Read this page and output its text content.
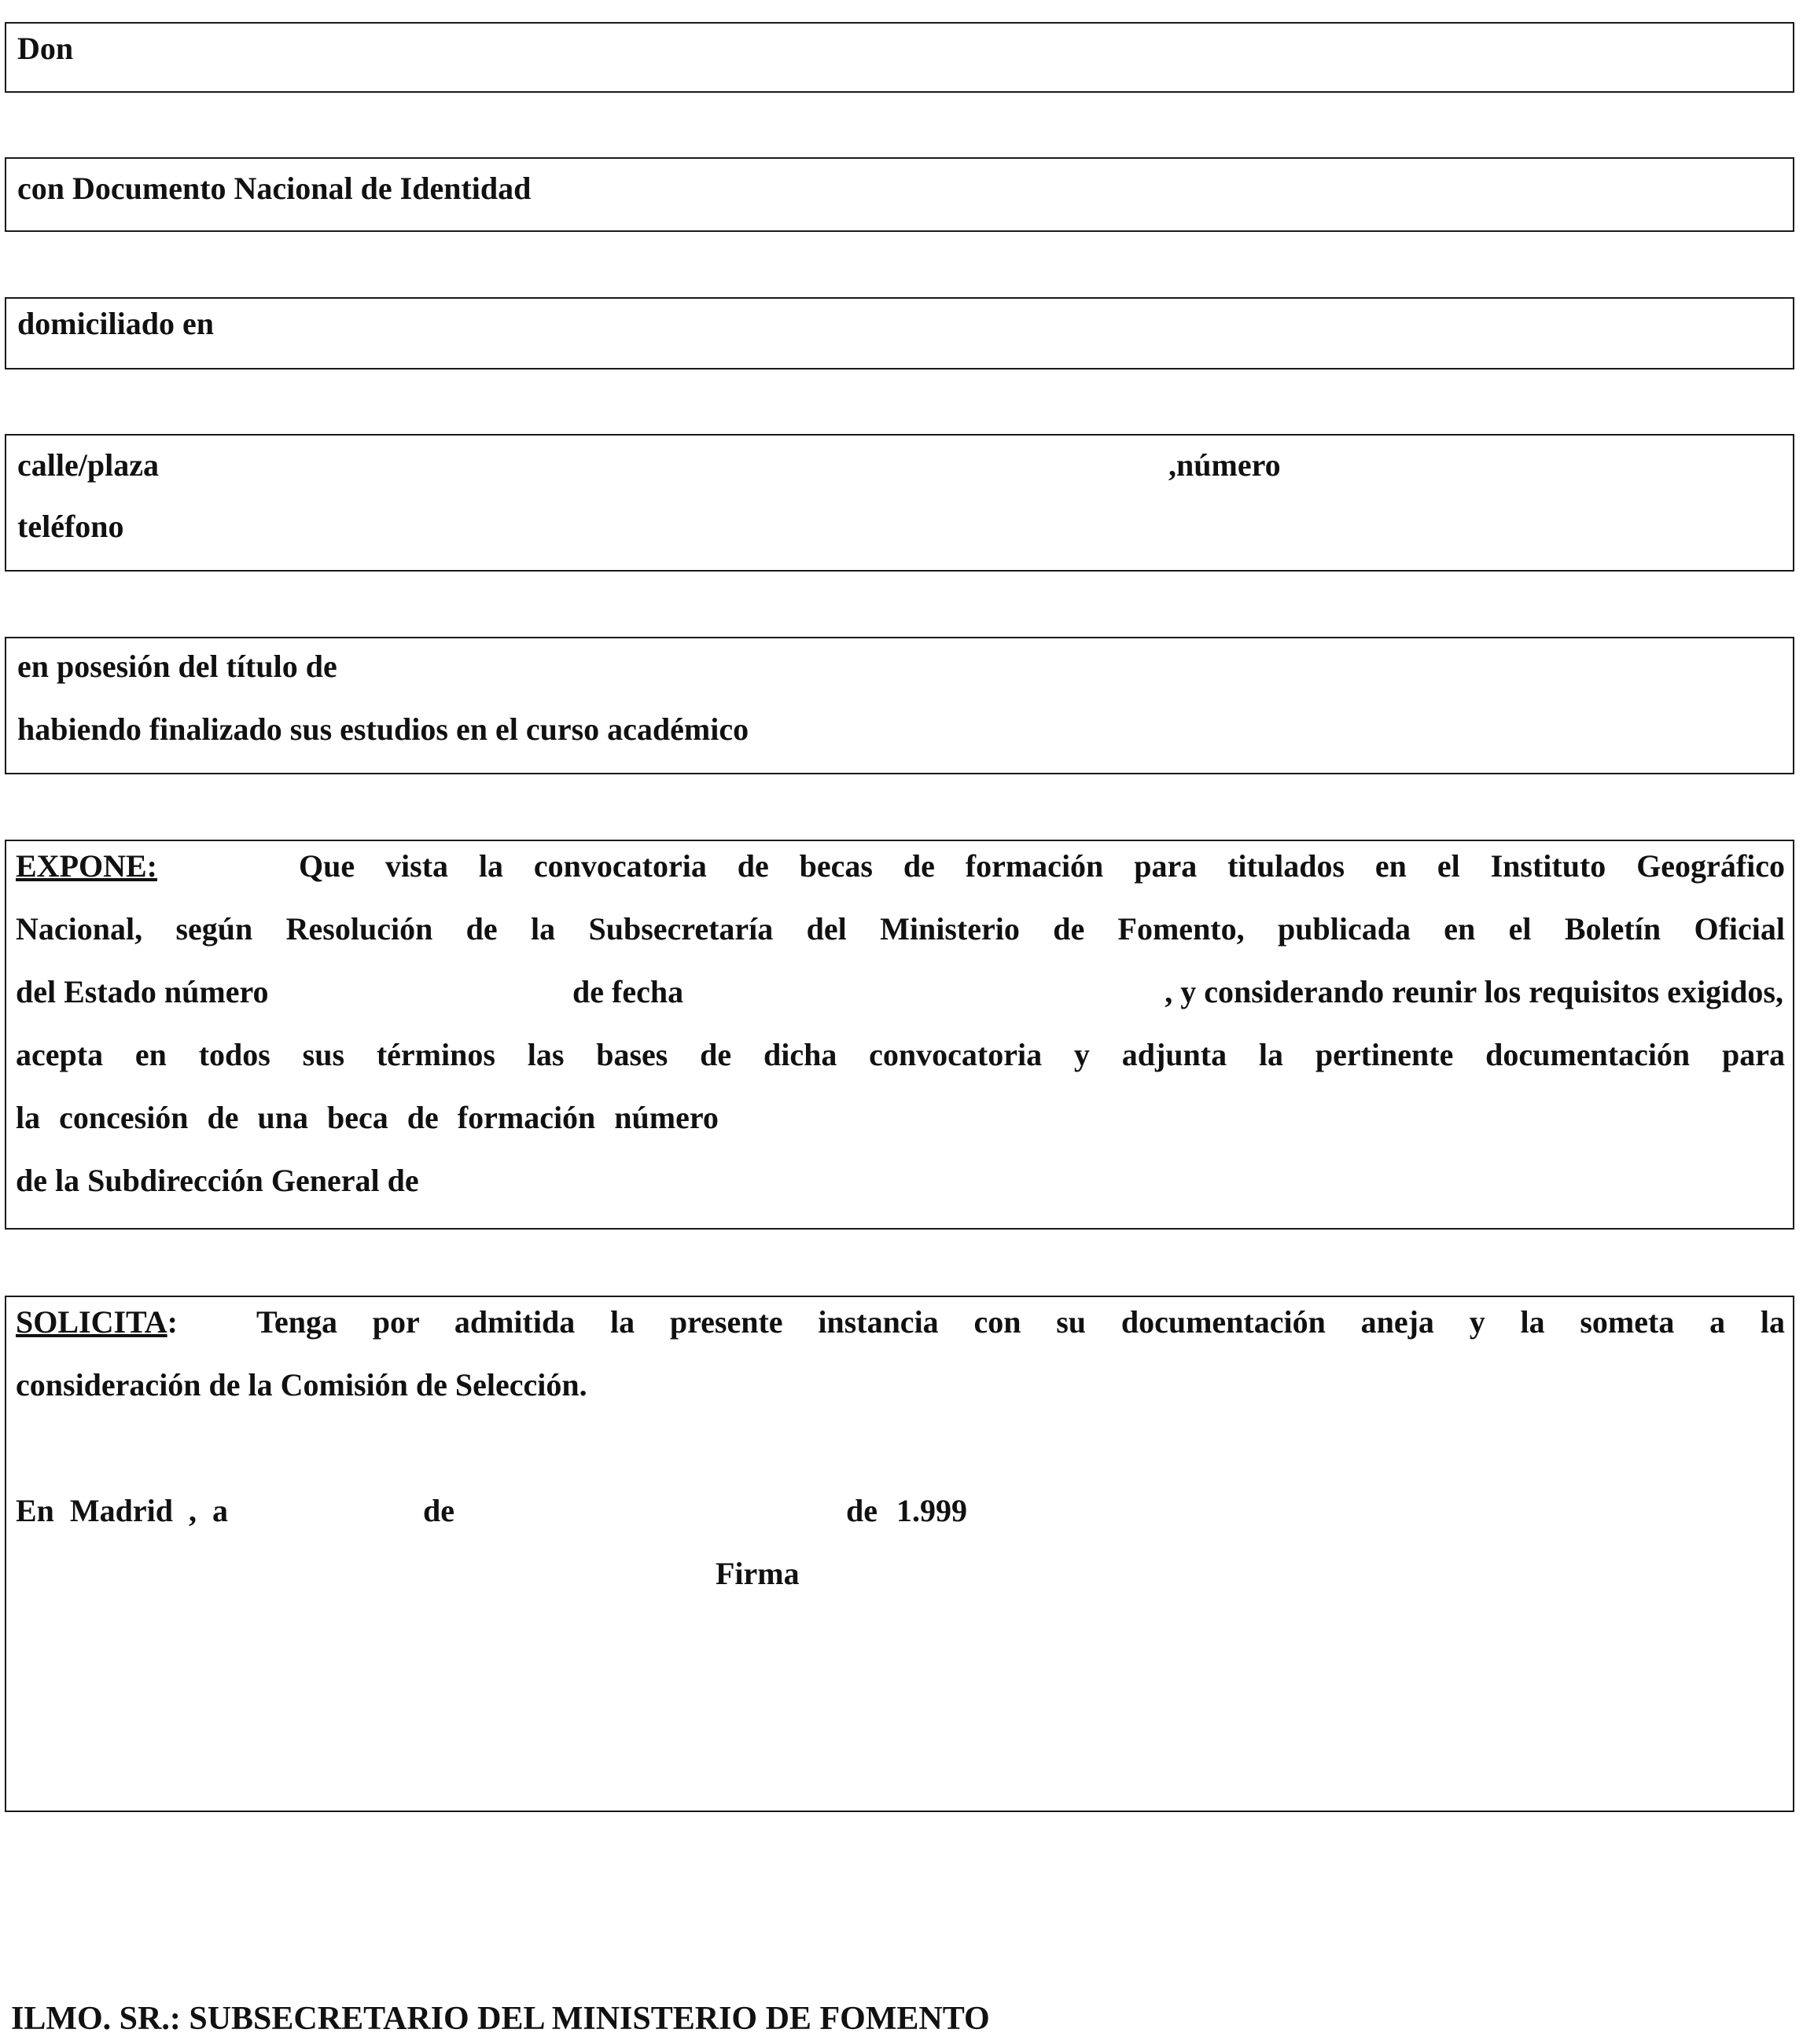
Don
con Documento Nacional de Identidad
domiciliado en
calle/plaza	,número
teléfono
en posesión del título de
habiendo finalizado sus estudios en el curso académico
EXPONE:	Que vista la convocatoria de becas de formación para titulados en el Instituto Geográfico
Nacional, según Resolución de la Subsecretaría del Ministerio de Fomento, publicada en el Boletín Oficial
del Estado número	de fecha	, y considerando reunir los requisitos exigidos,
acepta en todos sus términos las bases de dicha convocatoria y adjunta la pertinente documentación para
la concesión de una beca de formación número
de la Subdirección General de
SOLICITA:	Tenga por admitida la presente instancia con su documentación aneja y la someta a la
consideración de la Comisión de Selección.
En Madrid , a	de	de 1.999
Firma
ILMO. SR.: SUBSECRETARIO DEL MINISTERIO DE FOMENTO
